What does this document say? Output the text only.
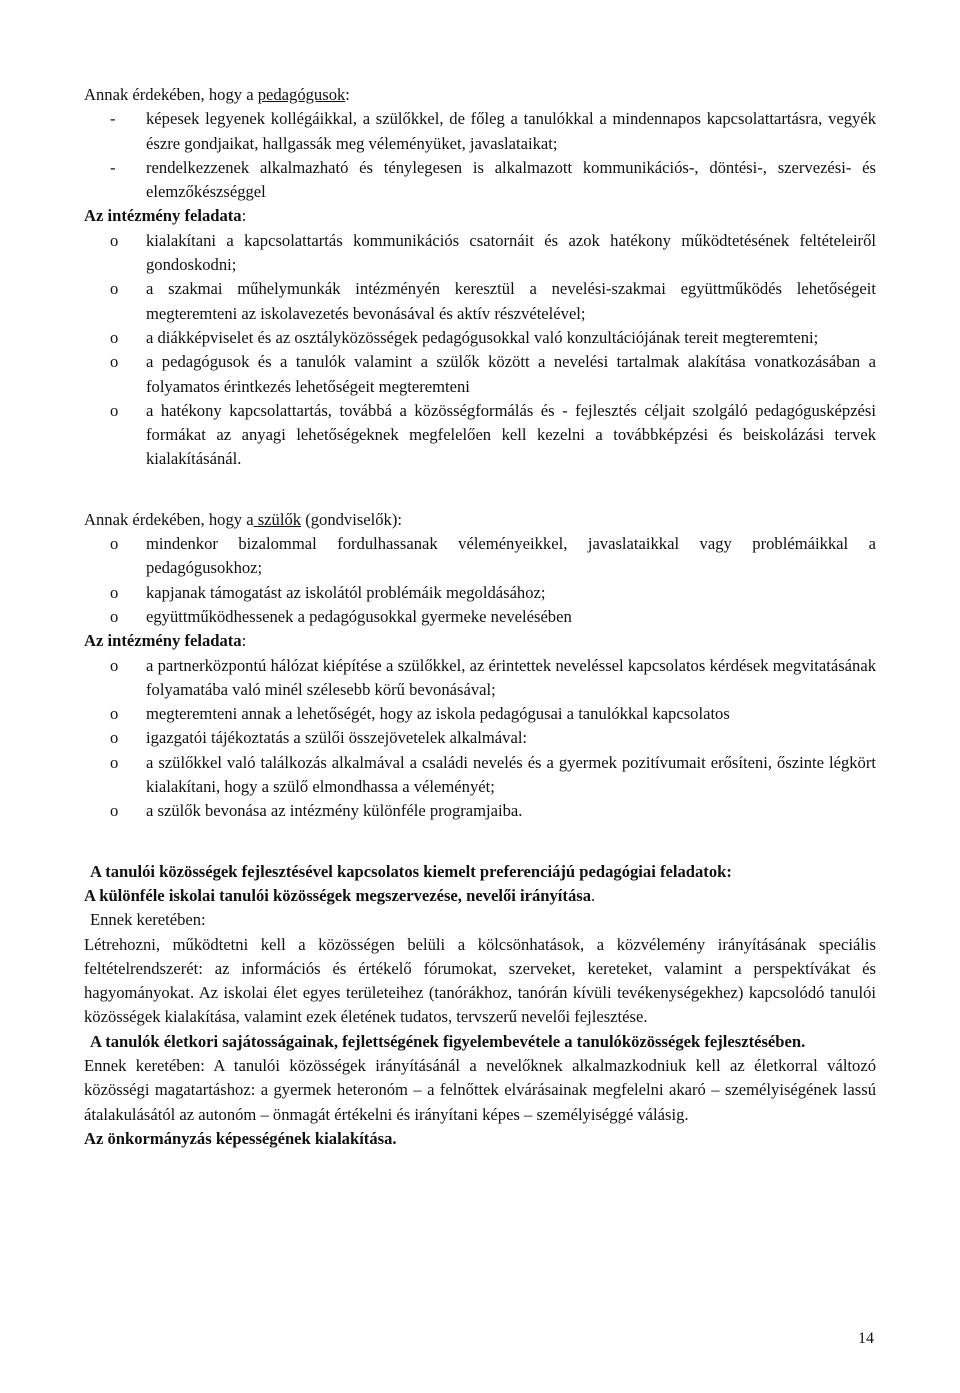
Annak érdekében, hogy a pedagógusok:

- képesek legyenek kollégáikkal, a szülőkkel, de főleg a tanulókkal a mindennapos kapcsolattartásra, vegyék észre gondjaikat, hallgassák meg véleményüket, javaslataikat;
- rendelkezzenek alkalmazható és ténylegesen is alkalmazott kommunikációs-, döntési-, szervezési- és elemzőkészséggel

Az intézmény feladata:

o kialakítani a kapcsolattartás kommunikációs csatornáit és azok hatékony működtetésének feltételeiről gondoskodni;
o a szakmai műhelymunkák intézményén keresztül a nevelési-szakmai együttműködés lehetőségeit megteremteni az iskolavezetés bevonásával és aktív részvételével;
o a diákképviselet és az osztályközösségek pedagógusokkal való konzultációjának tereit megteremteni;
o a pedagógusok és a tanulók valamint a szülők között a nevelési tartalmak alakítása vonatkozásában a folyamatos érintkezés lehetőségeit megteremteni
o a hatékony kapcsolattartás, továbbá a közösségformálás és - fejlesztés céljait szolgáló pedagógusképzési formákat az anyagi lehetőségeknek megfelelően kell kezelni a továbbképzési és beiskolázási tervek kialakításánál.

Annak érdekében, hogy a szülők (gondviselők):

o mindenkor bizalommal fordulhassanak véleményeikkel, javaslataikkal vagy problémáikkal a pedagógusokhoz;
o kapjanak támogatást az iskolától problémáik megoldásához;
o együttműködhessenek a pedagógusokkal gyermeke nevelésében

Az intézmény feladata:

o a partnerközpontú hálózat kiépítése a szülőkkel, az érintettek neveléssel kapcsolatos kérdések megvitatásának folyamatába való minél szélesebb körű bevonásával;
o megteremteni annak a lehetőségét, hogy az iskola pedagógusai a tanulókkal kapcsolatos
o igazgatói tájékoztatás a szülői összejövetelek alkalmával:
o a szülőkkel való találkozás alkalmával a családi nevelés és a gyermek pozitívumait erősíteni, őszinte légkört kialakítani, hogy a szülő elmondhassa a véleményét;
o a szülők bevonása az intézmény különféle programjaiba.

A tanulói közösségek fejlesztésével kapcsolatos kiemelt preferenciájú pedagógiai feladatok:

A különféle iskolai tanulói közösségek megszervezése, nevelői irányítása.

Ennek keretében:

Létrehozni, működtetni kell a közösségen belüli a kölcsönhatások, a közvélemény irányításának speciális feltételrendszerét: az információs és értékelő fórumokat, szerveket, kereteket, valamint a perspektívákat és hagyományokat. Az iskolai élet egyes területeihez (tanórákhoz, tanórán kívüli tevékenységekhez) kapcsolódó tanulói közösségek kialakítása, valamint ezek életének tudatos, tervszerű nevelői fejlesztése.

A tanulók életkori sajátosságainak, fejlettségének figyelembevétele a tanulóközösségek fejlesztésében.

Ennek keretében: A tanulói közösségek irányításánál a nevelőknek alkalmazkodniuk kell az életkorral változó közösségi magatartáshoz: a gyermek heteronóm – a felnőttek elvárásainak megfelelni akaró – személyiségének lassú átalakulásától az autonóm – önmagát értékelni és irányítani képes – személyiséggé válásig.

Az önkormányzás képességének kialakítása.

14
